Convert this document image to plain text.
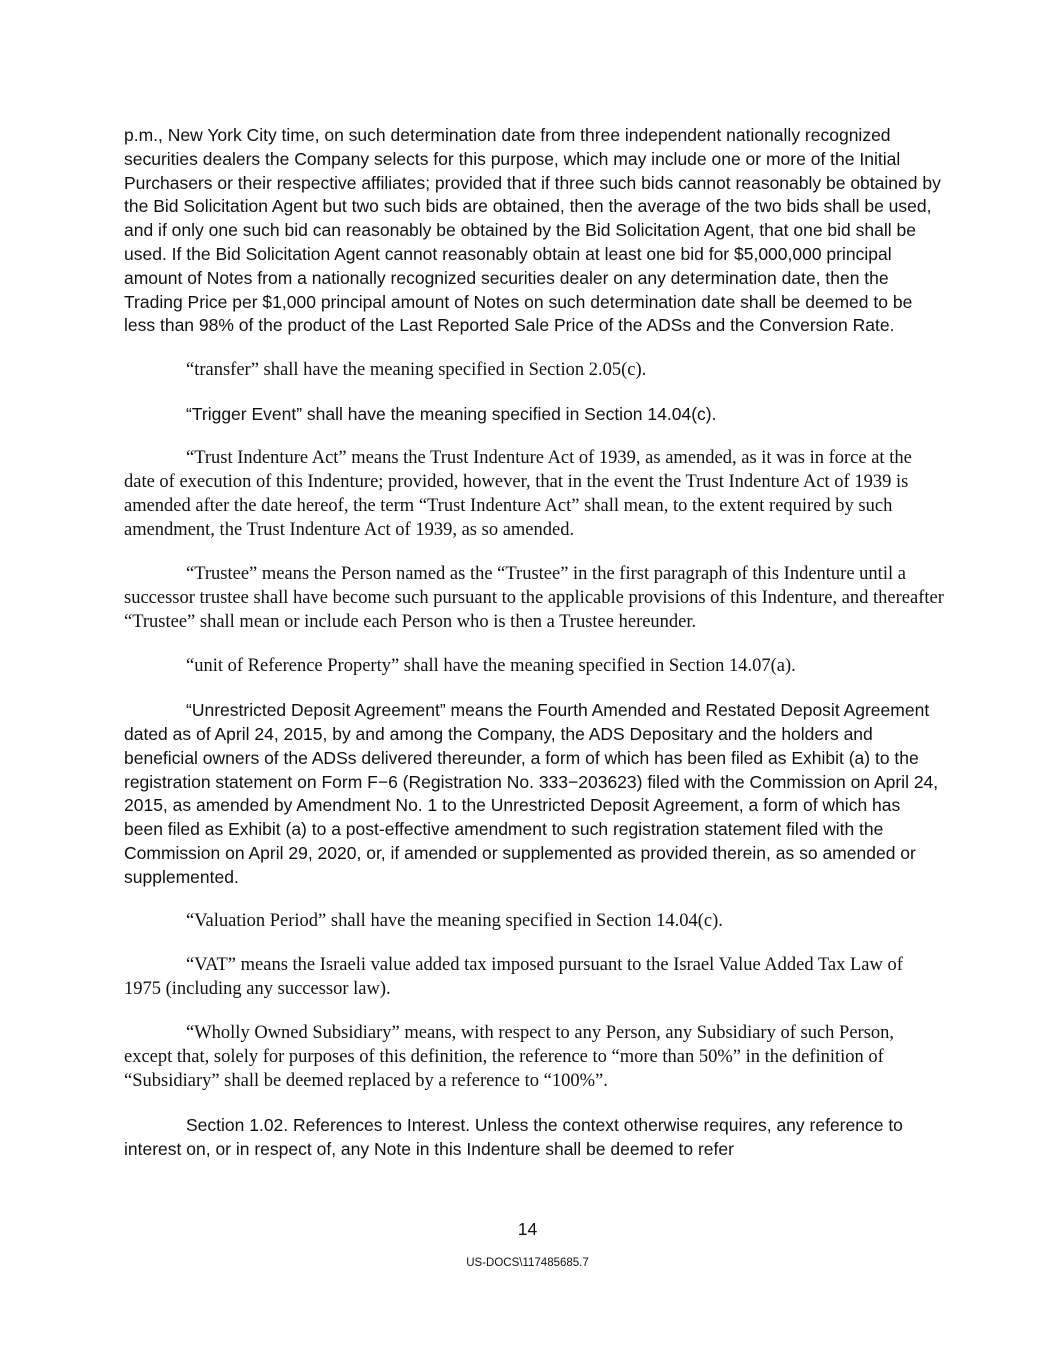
p.m., New York City time, on such determination date from three independent nationally recognized securities dealers the Company selects for this purpose, which may include one or more of the Initial Purchasers or their respective affiliates; provided that if three such bids cannot reasonably be obtained by the Bid Solicitation Agent but two such bids are obtained, then the average of the two bids shall be used, and if only one such bid can reasonably be obtained by the Bid Solicitation Agent, that one bid shall be used. If the Bid Solicitation Agent cannot reasonably obtain at least one bid for $5,000,000 principal amount of Notes from a nationally recognized securities dealer on any determination date, then the Trading Price per $1,000 principal amount of Notes on such determination date shall be deemed to be less than 98% of the product of the Last Reported Sale Price of the ADSs and the Conversion Rate.

“transfer” shall have the meaning specified in Section 2.05(c).

“Trigger Event” shall have the meaning specified in Section 14.04(c).

“Trust Indenture Act” means the Trust Indenture Act of 1939, as amended, as it was in force at the date of execution of this Indenture; provided, however, that in the event the Trust Indenture Act of 1939 is amended after the date hereof, the term “Trust Indenture Act” shall mean, to the extent required by such amendment, the Trust Indenture Act of 1939, as so amended.

“Trustee” means the Person named as the “Trustee” in the first paragraph of this Indenture until a successor trustee shall have become such pursuant to the applicable provisions of this Indenture, and thereafter “Trustee” shall mean or include each Person who is then a Trustee hereunder.

“unit of Reference Property” shall have the meaning specified in Section 14.07(a).

“Unrestricted Deposit Agreement” means the Fourth Amended and Restated Deposit Agreement dated as of April 24, 2015, by and among the Company, the ADS Depositary and the holders and beneficial owners of the ADSs delivered thereunder, a form of which has been filed as Exhibit (a) to the registration statement on Form F−6 (Registration No. 333−203623) filed with the Commission on April 24, 2015, as amended by Amendment No. 1 to the Unrestricted Deposit Agreement, a form of which has been filed as Exhibit (a) to a post-effective amendment to such registration statement filed with the Commission on April 29, 2020, or, if amended or supplemented as provided therein, as so amended or supplemented.

“Valuation Period” shall have the meaning specified in Section 14.04(c).

“VAT” means the Israeli value added tax imposed pursuant to the Israel Value Added Tax Law of 1975 (including any successor law).

“Wholly Owned Subsidiary” means, with respect to any Person, any Subsidiary of such Person, except that, solely for purposes of this definition, the reference to “more than 50%” in the definition of “Subsidiary” shall be deemed replaced by a reference to “100%”.

Section 1.02. References to Interest. Unless the context otherwise requires, any reference to interest on, or in respect of, any Note in this Indenture shall be deemed to refer

14
US-DOCS\117485685.7
